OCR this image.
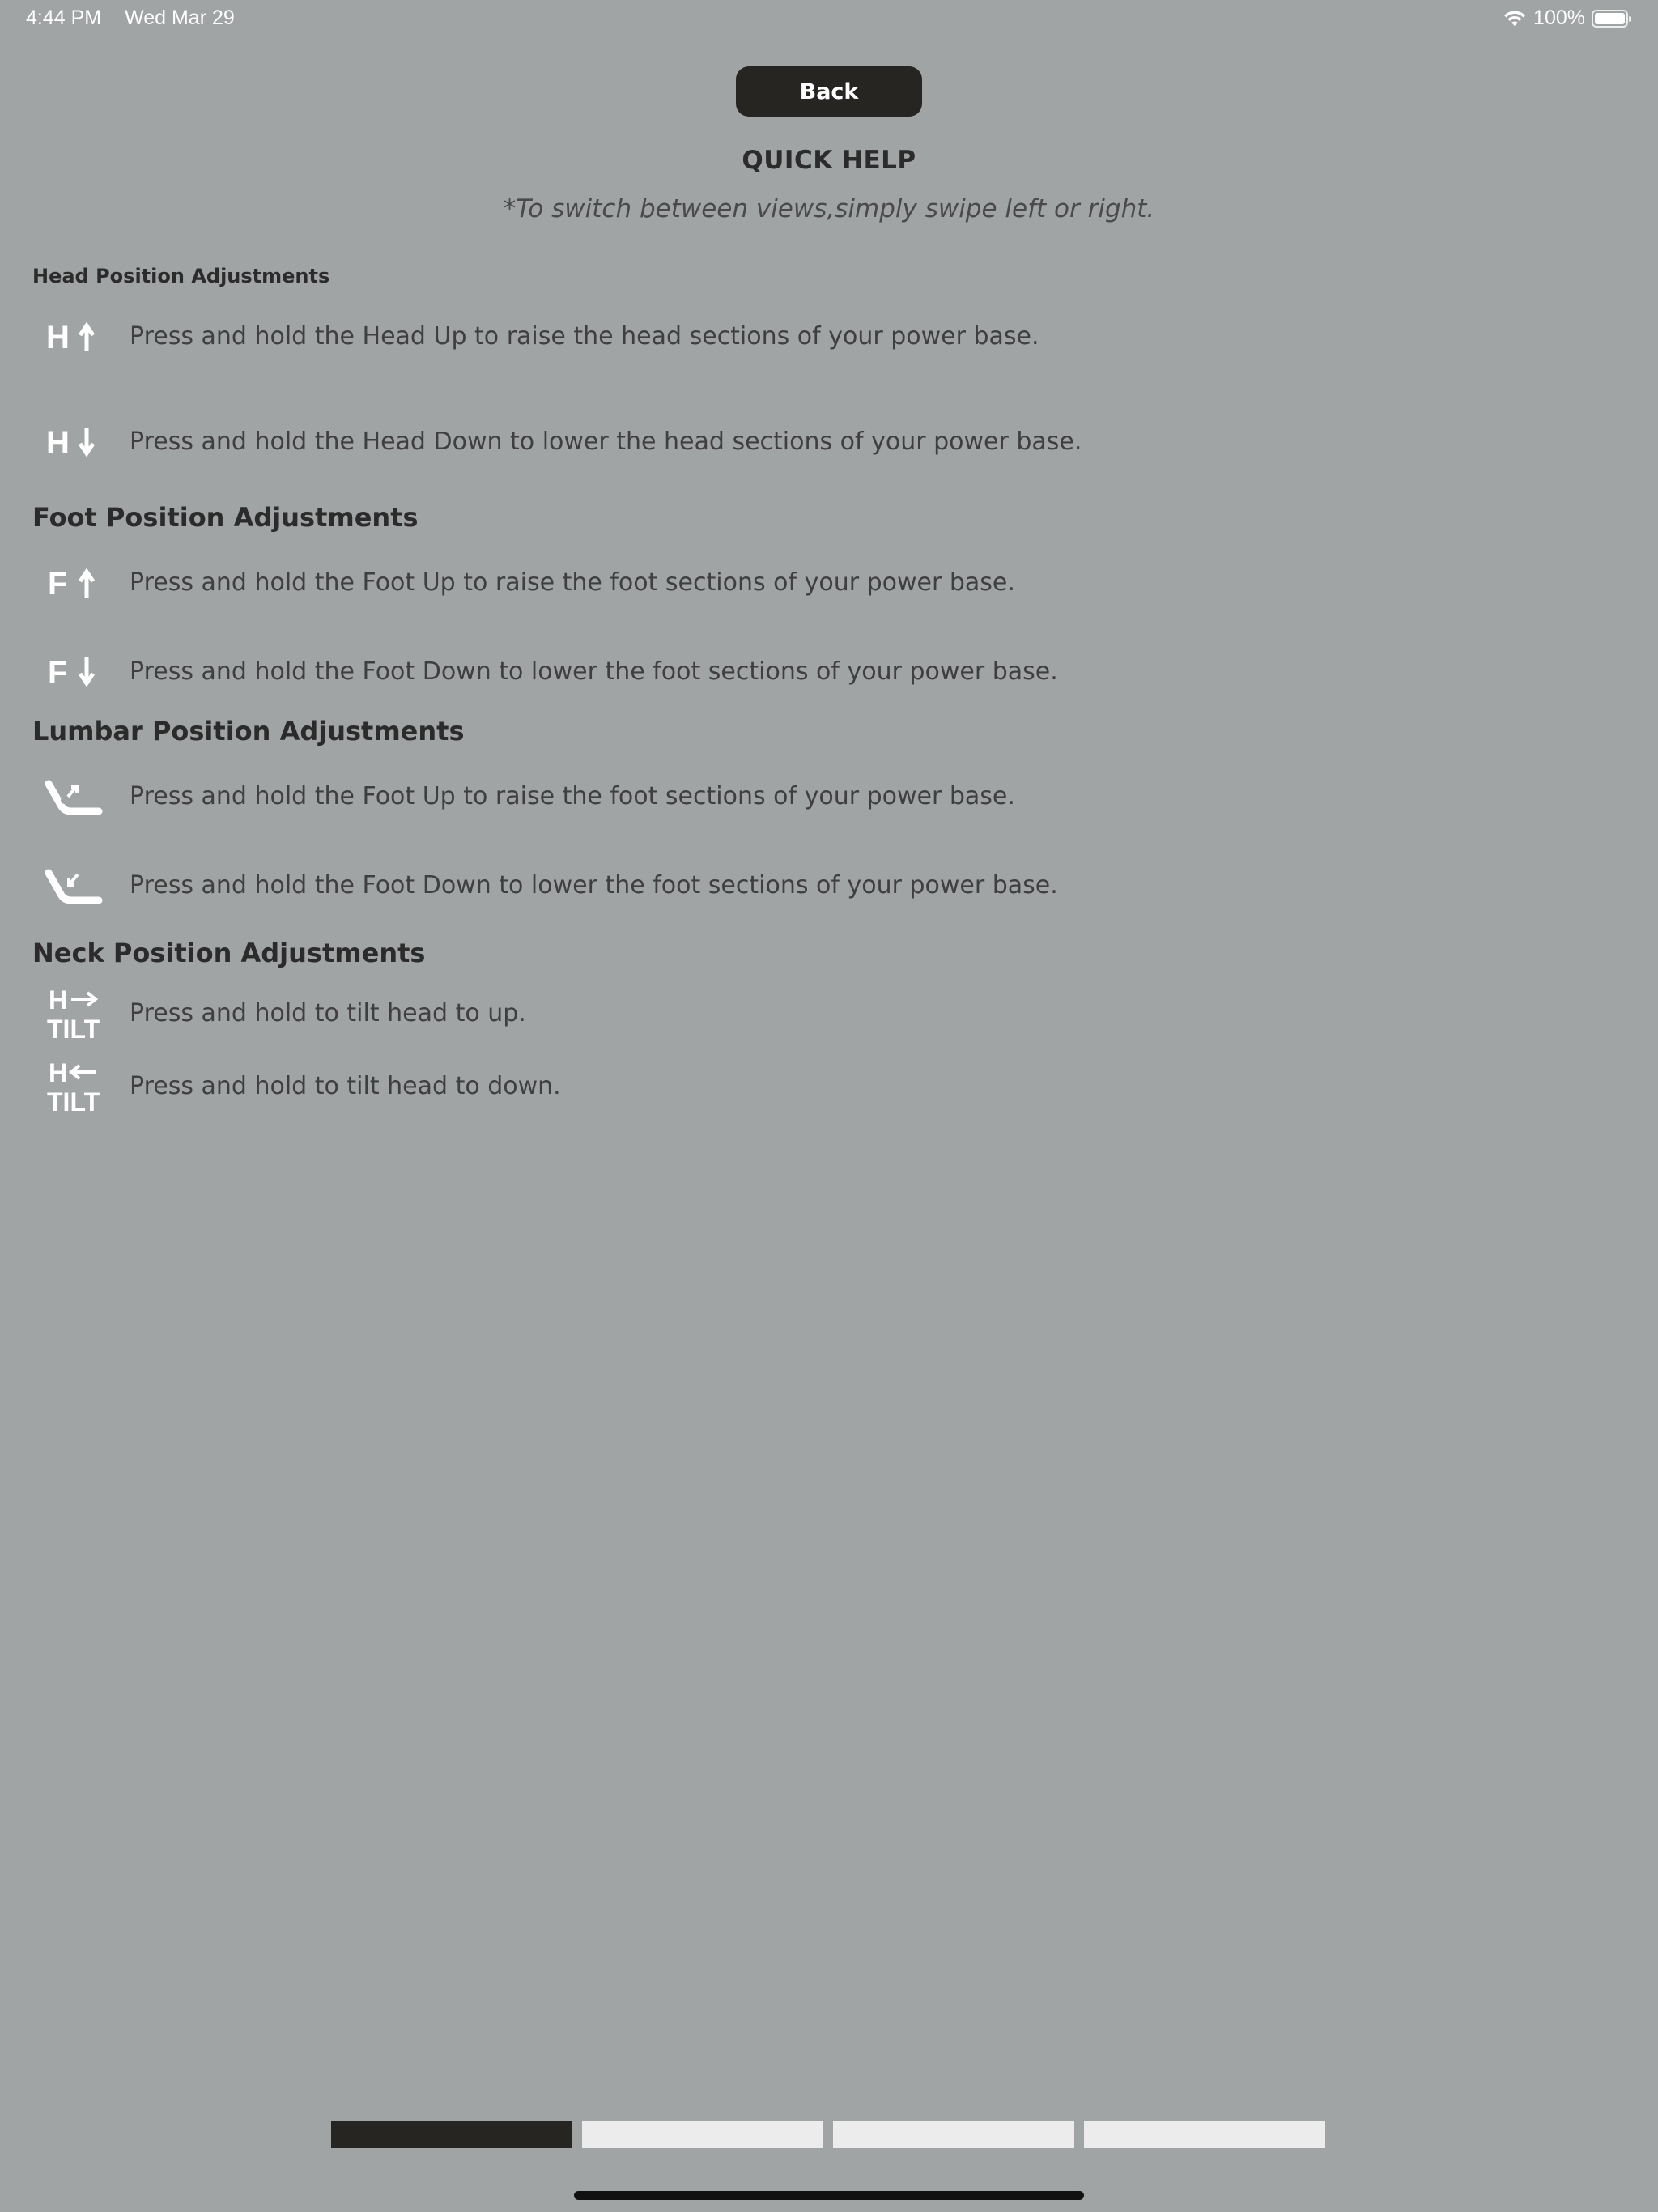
4:44 PM Wed Mar 29	100%
Back
QUICK HELP
*To switch between views,simply swipe left or right.
Head Position Adjustments
H Press and hold the Head Up to raise the head sections of your power base.
H Press and hold the Head Down to lower the head sections of your power base.
Foot Position Adjustments
F	Press and hold the Foot Up to raise the foot sections of your power base.
F	Press and hold the Foot Down to lower the foot sections of your power base.
Lumbar Position Adjustments
Press and hold the Foot Up to raise the foot sections of your power base.
Press and hold the Foot Down to lower the foot sections of your power base.
Neck Position Adjustments
H
TILT
Press and hold to tilt head to up.
H
TILT
Press and hold to tilt head to down.
